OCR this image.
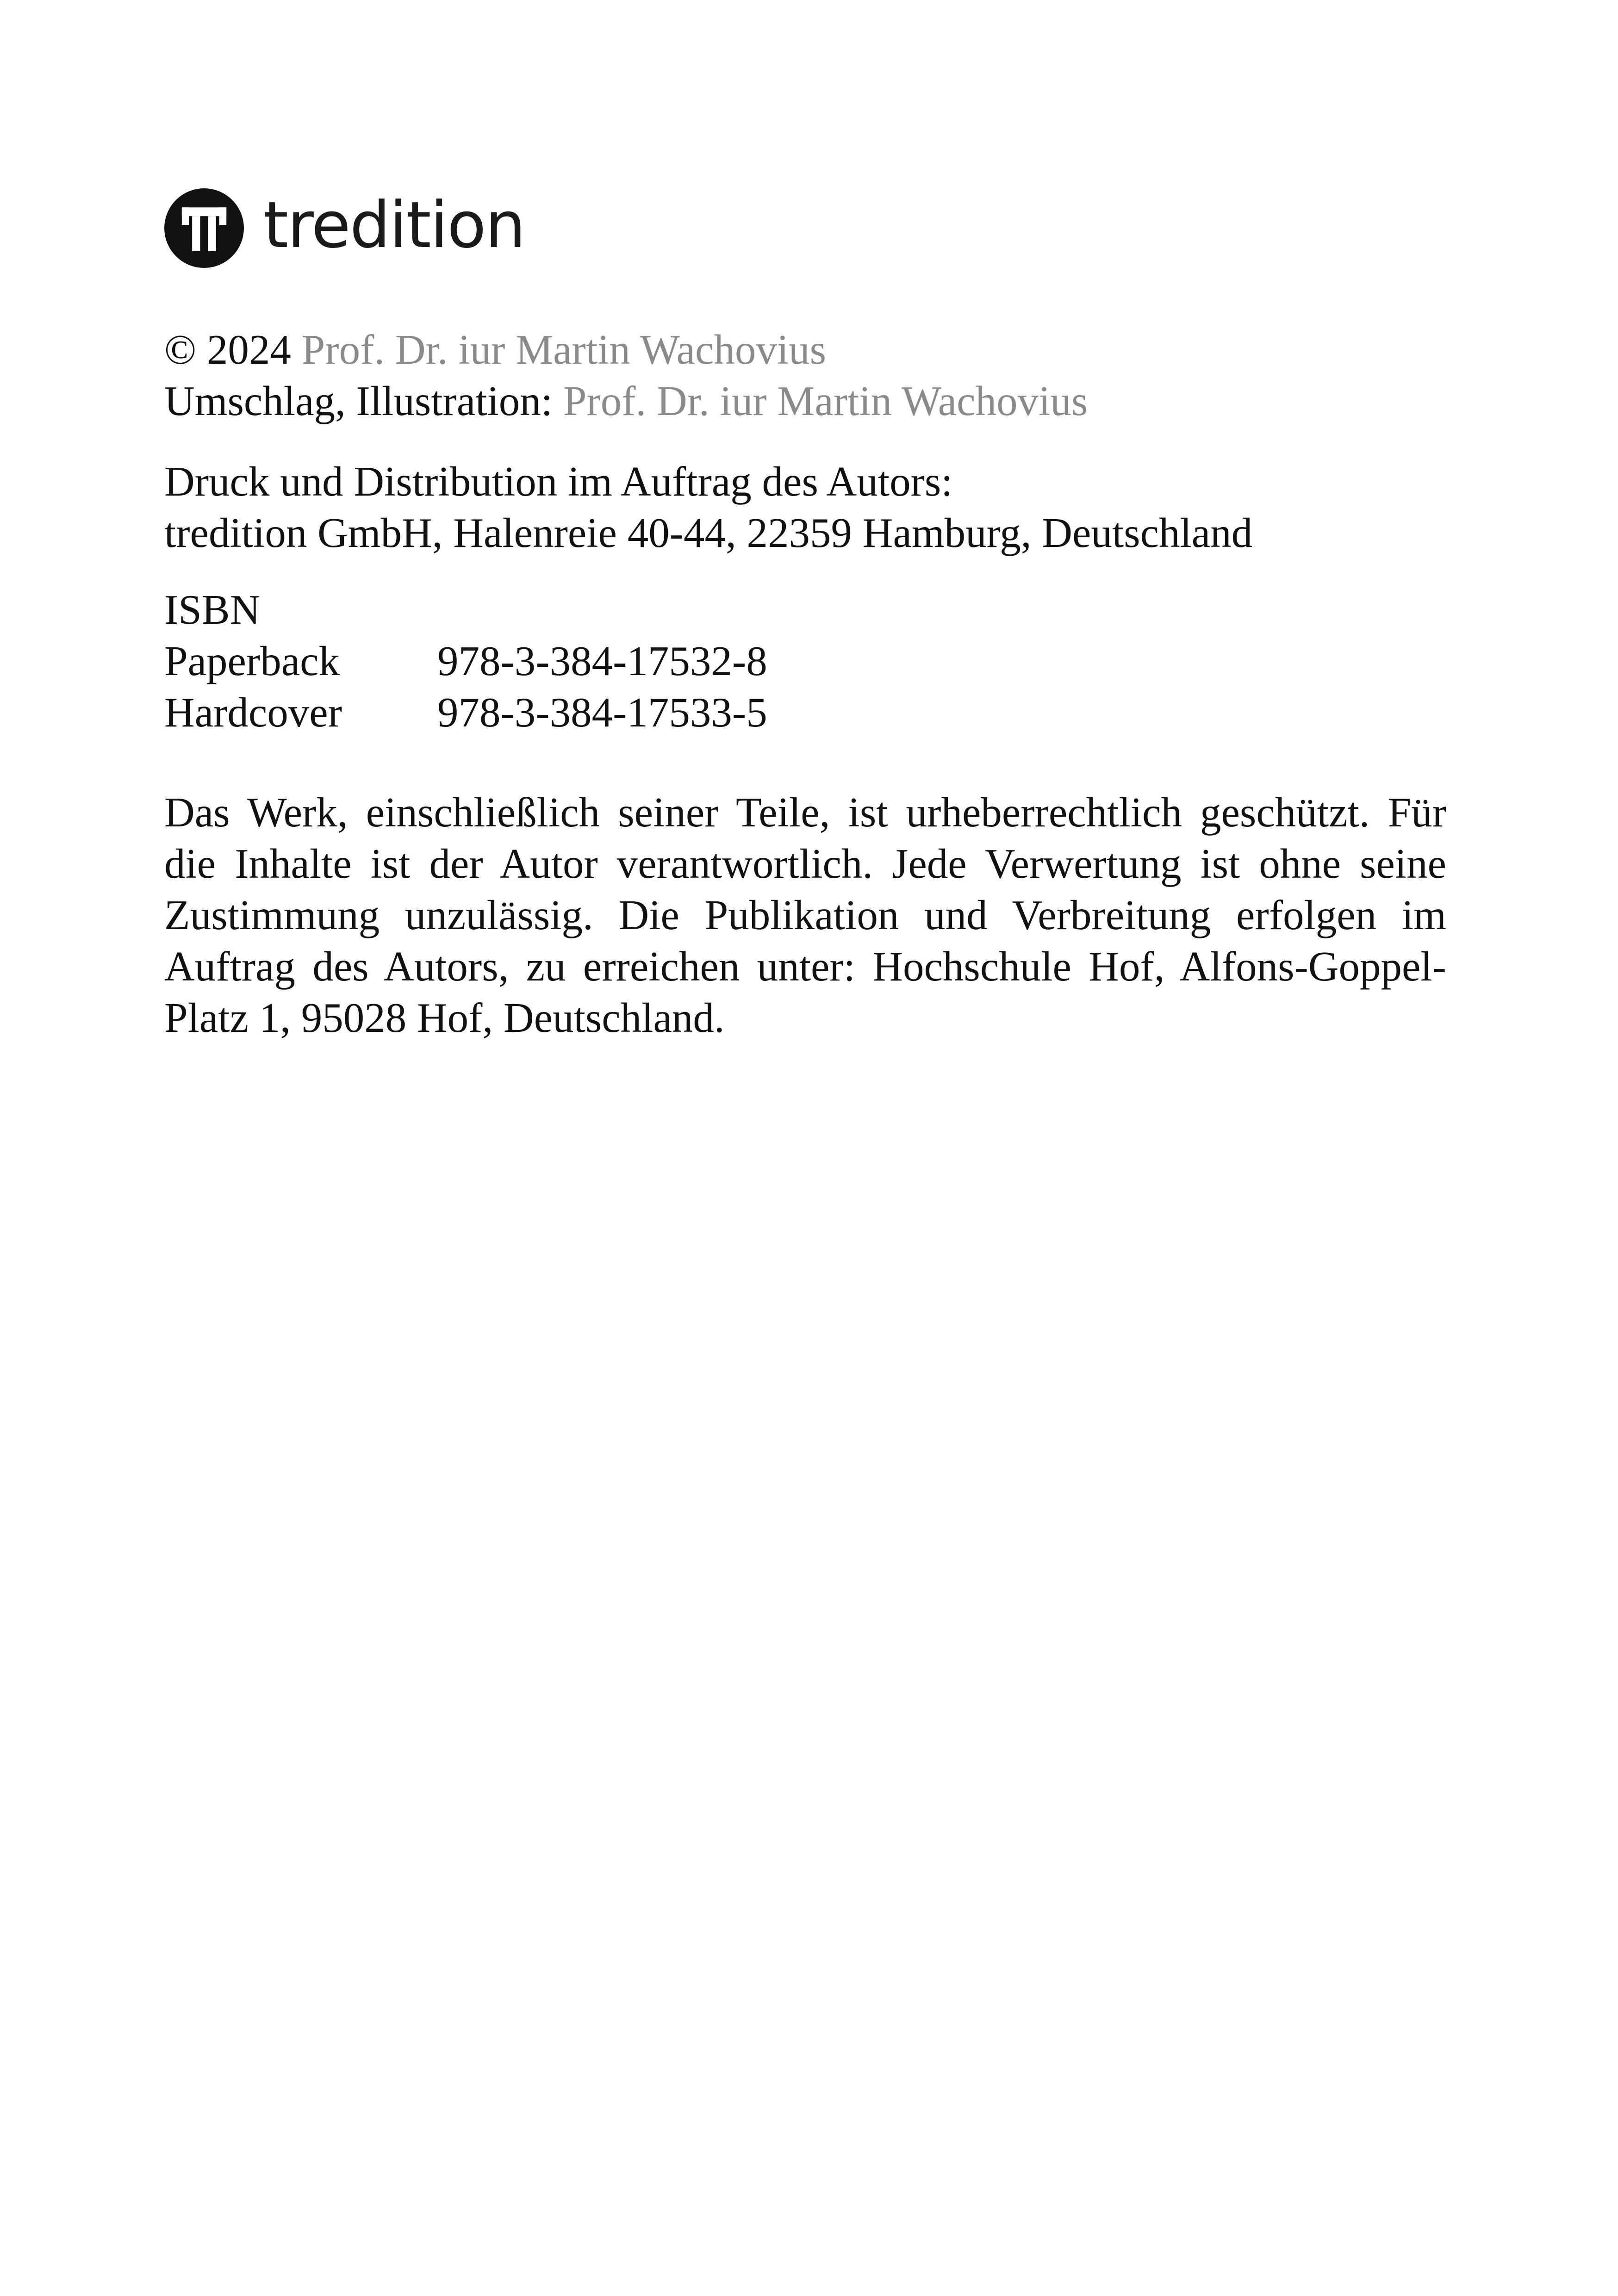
tredition
© 2024 Prof. Dr. iur Martin Wachovius
Umschlag, Illustration: Prof. Dr. iur Martin Wachovius
Druck und Distribution im Auftrag des Autors:
tredition GmbH, Halenreie 40-44, 22359 Hamburg, Deutschland
ISBN
Paperback	978-3-384-17532-8
Hardcover	978-3-384-17533-5
Das Werk, einschließlich seiner Teile, ist urheberrechtlich geschützt. Für die Inhalte ist der Autor verantwortlich. Jede Verwertung ist ohne seine Zustimmung unzulässig. Die Publikation und Verbreitung erfolgen im Auftrag des Autors, zu erreichen unter: Hochschule Hof, Alfons-Goppel-Platz 1, 95028 Hof, Deutschland.
